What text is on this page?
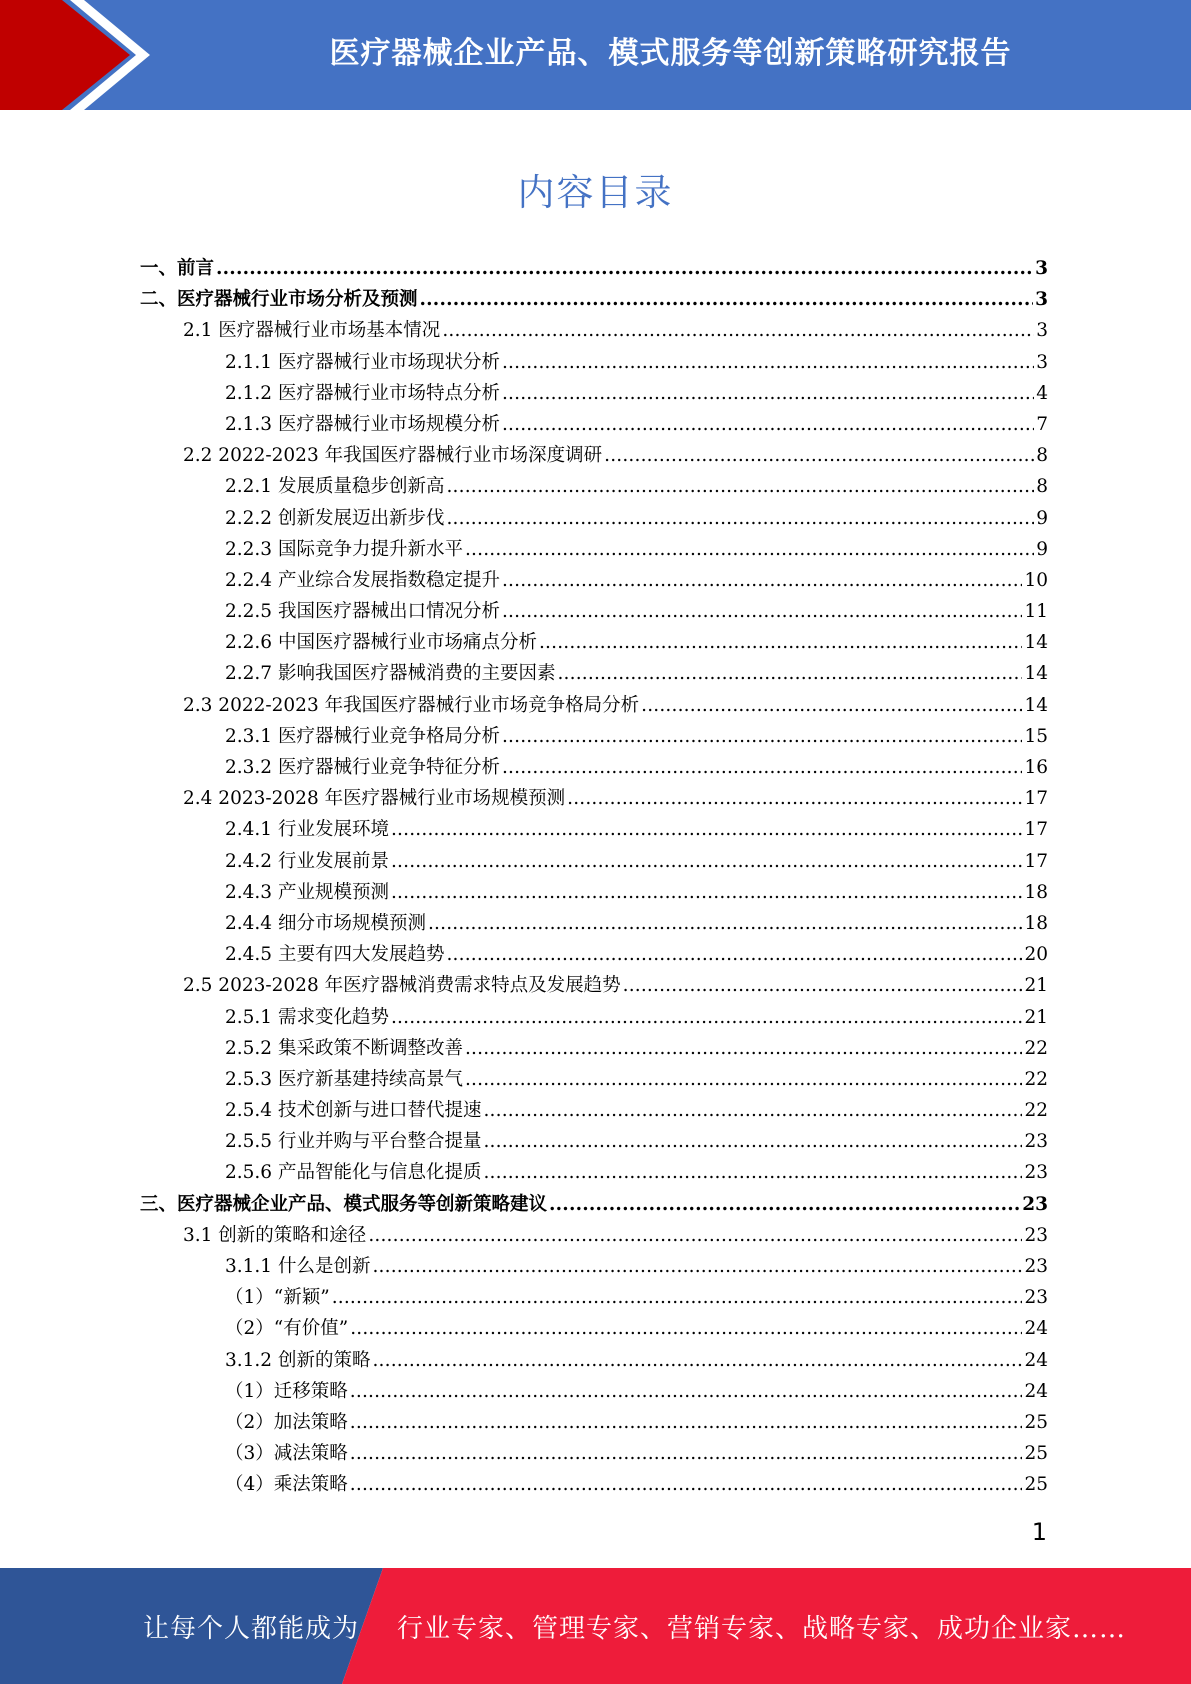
医疗器械企业产品、模式服务等创新策略研究报告
内容目录
一、前言 .....	3
二、医疗器械行业市场分析及预测 .....	3
2.1 医疗器械行业市场基本情况 .....	3
2.1.1 医疗器械行业市场现状分析 .....	3
2.1.2 医疗器械行业市场特点分析 .....	4
2.1.3 医疗器械行业市场规模分析 .....	7
2.2 2022-2023 年我国医疗器械行业市场深度调研 .....	8
2.2.1 发展质量稳步创新高 .....	8
2.2.2 创新发展迈出新步伐 .....	9
2.2.3 国际竞争力提升新水平 .....	9
2.2.4 产业综合发展指数稳定提升 .....	10
2.2.5 我国医疗器械出口情况分析 .....	11
2.2.6 中国医疗器械行业市场痛点分析 .....	14
2.2.7 影响我国医疗器械消费的主要因素 .....	14
2.3 2022-2023 年我国医疗器械行业市场竞争格局分析 .....	14
2.3.1 医疗器械行业竞争格局分析 .....	15
2.3.2 医疗器械行业竞争特征分析 .....	16
2.4 2023-2028 年医疗器械行业市场规模预测 .....	17
2.4.1 行业发展环境 .....	17
2.4.2 行业发展前景 .....	17
2.4.3 产业规模预测 .....	18
2.4.4 细分市场规模预测 .....	18
2.4.5 主要有四大发展趋势 .....	20
2.5 2023-2028 年医疗器械消费需求特点及发展趋势 .....	21
2.5.1 需求变化趋势 .....	21
2.5.2 集采政策不断调整改善 .....	22
2.5.3 医疗新基建持续高景气 .....	22
2.5.4 技术创新与进口替代提速 .....	22
2.5.5 行业并购与平台整合提量 .....	23
2.5.6 产品智能化与信息化提质 .....	23
三、医疗器械企业产品、模式服务等创新策略建议 .....	23
3.1 创新的策略和途径 .....	23
3.1.1 什么是创新 .....	23
（1）“新颖” .....	23
（2）“有价值” .....	24
3.1.2 创新的策略 .....	24
（1）迁移策略 .....	24
（2）加法策略 .....	25
（3）减法策略 .....	25
（4）乘法策略 .....	25
1
让每个人都能成为 行业专家、管理专家、营销专家、战略专家、成功企业家……
